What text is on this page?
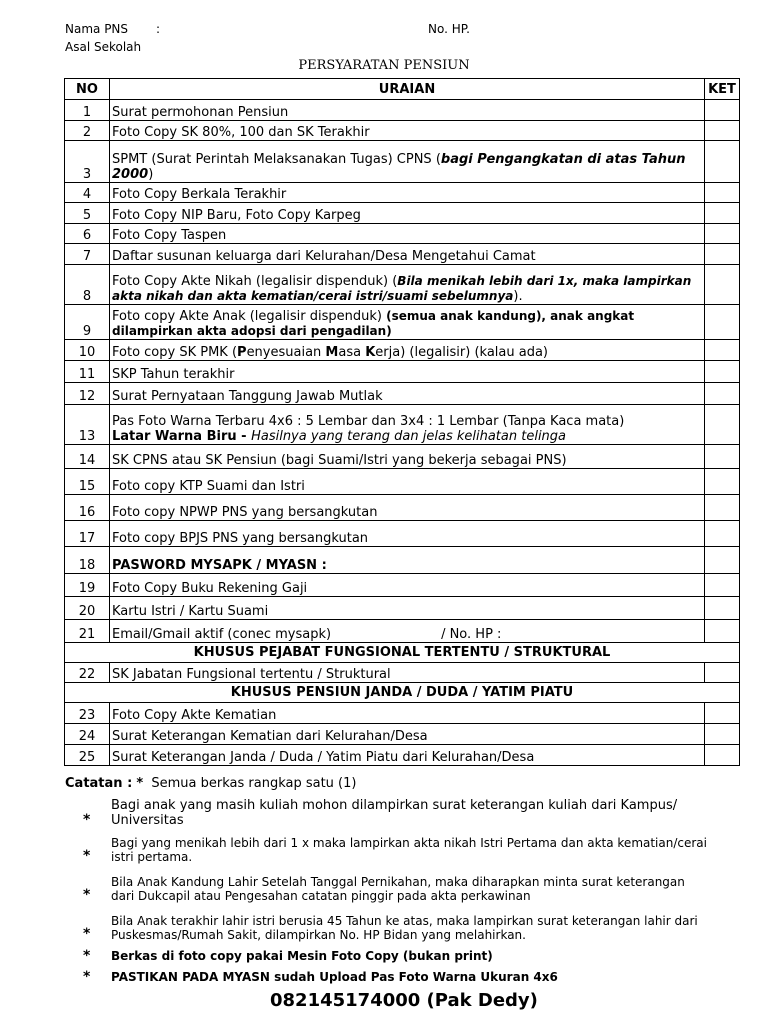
Nama PNS :	No. HP.
Asal Sekolah
PERSYARATAN PENSIUN
NO	URAIAN	KET
1	Surat permohonan Pensiun	
2	Foto Copy SK 80%, 100 dan SK Terakhir	
3	SPMT (Surat Perintah Melaksanakan Tugas) CPNS (bagi Pengangkatan di atas Tahun 2000)	
4	Foto Copy Berkala Terakhir	
5	Foto Copy NIP Baru, Foto Copy Karpeg	
6	Foto Copy Taspen	
7	Daftar susunan keluarga dari Kelurahan/Desa Mengetahui Camat	
8	Foto Copy Akte Nikah (legalisir dispenduk) (Bila menikah lebih dari 1x, maka lampirkan akta nikah dan akta kematian/cerai istri/suami sebelumnya).	
9	Foto copy Akte Anak (legalisir dispenduk) (semua anak kandung), anak angkat dilampirkan akta adopsi dari pengadilan)	
10	Foto copy SK PMK (Penyesuaian Masa Kerja) (legalisir) (kalau ada)	
11	SKP Tahun terakhir	
12	Surat Pernyataan Tanggung Jawab Mutlak	
13	Pas Foto Warna Terbaru 4x6 : 5 Lembar dan 3x4 : 1 Lembar (Tanpa Kaca mata)
Latar Warna Biru - Hasilnya yang terang dan jelas kelihatan telinga	
14	SK CPNS atau SK Pensiun (bagi Suami/Istri yang bekerja sebagai PNS)	
15	Foto copy KTP Suami dan Istri	
16	Foto copy NPWP PNS yang bersangkutan	
17	Foto copy BPJS PNS yang bersangkutan	
18	PASWORD MYSAPK / MYASN :	
19	Foto Copy Buku Rekening Gaji	
20	Kartu Istri / Kartu Suami	
21	Email/Gmail aktif (conec mysapk) / No. HP :	
KHUSUS PEJABAT FUNGSIONAL TERTENTU / STRUKTURAL		
22	SK Jabatan Fungsional tertentu / Struktural	
KHUSUS PENSIUN JANDA / DUDA / YATIM PIATU		
23	Foto Copy Akte Kematian	
24	Surat Keterangan Kematian dari Kelurahan/Desa	
25	Surat Keterangan Janda / Duda / Yatim Piatu dari Kelurahan/Desa	
Catatan : * Semua berkas rangkap satu (1)
*
Bagi anak yang masih kuliah mohon dilampirkan surat keterangan kuliah dari Kampus/ Universitas
*
Bagi yang menikah lebih dari 1 x maka lampirkan akta nikah Istri Pertama dan akta kematian/cerai istri pertama.
*
Bila Anak Kandung Lahir Setelah Tanggal Pernikahan, maka diharapkan minta surat keterangan dari Dukcapil atau Pengesahan catatan pinggir pada akta perkawinan
*
Bila Anak terakhir lahir istri berusia 45 Tahun ke atas, maka lampirkan surat keterangan lahir dari Puskesmas/Rumah Sakit, dilampirkan No. HP Bidan yang melahirkan.
* Berkas di foto copy pakai Mesin Foto Copy (bukan print)
* PASTIKAN PADA MYASN sudah Upload Pas Foto Warna Ukuran 4x6
082145174000 (Pak Dedy)
